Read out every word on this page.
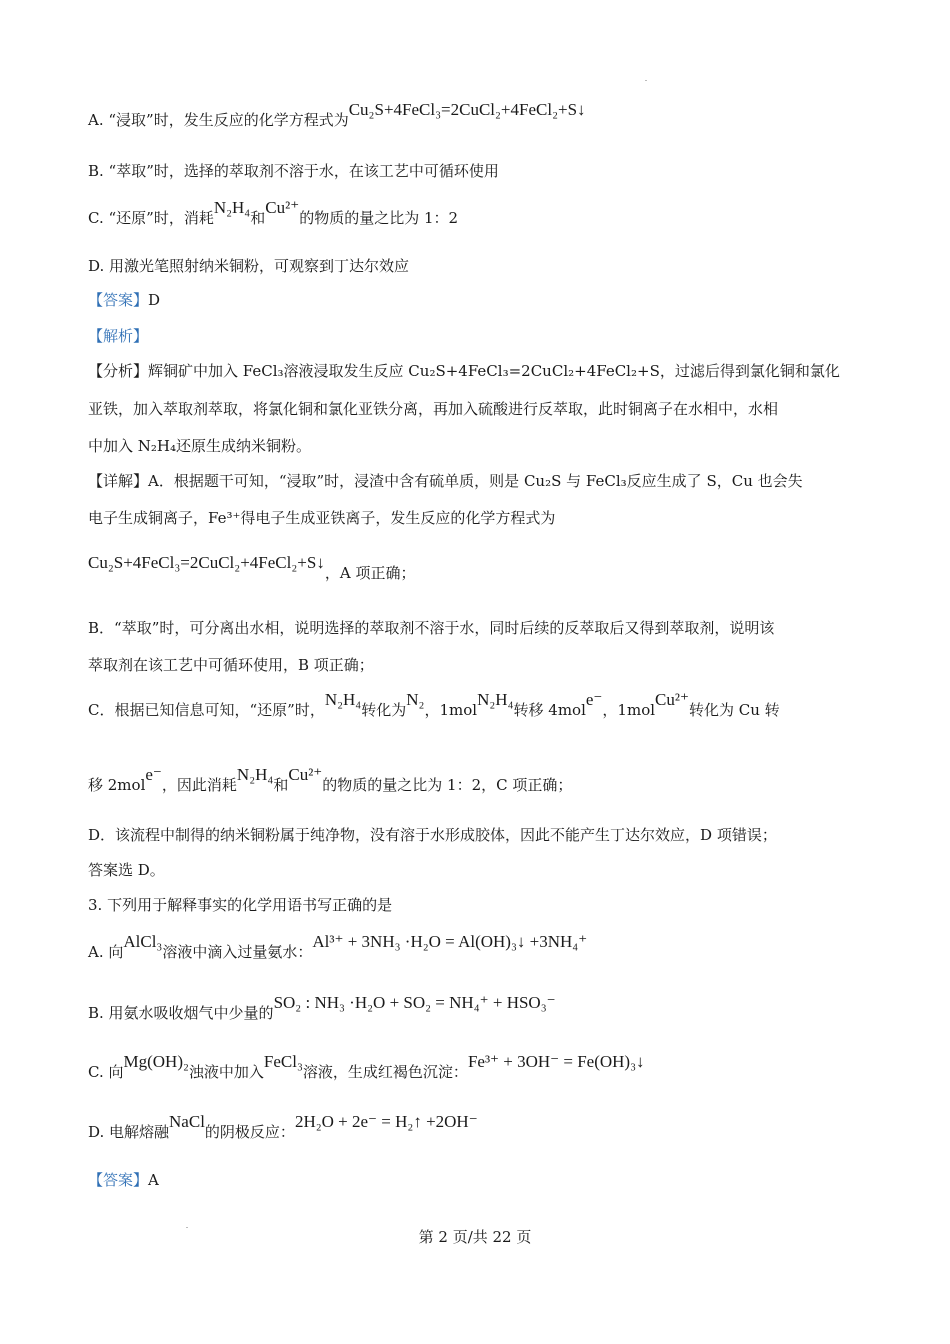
A. “浸取”时，发生反应的化学方程式为Cu₂S+4FeCl₃=2CuCl₂+4FeCl₂+S↓
B. “萃取”时，选择的萃取剂不溶于水，在该工艺中可循环使用
C. “还原”时，消耗N₂H₄和Cu²⁺的物质的量之比为 1：2
D. 用激光笔照射纳米铜粉，可观察到丁达尔效应
【答案】D
【解析】
【分析】辉铜矿中加入 FeCl₃溶液浸取发生反应 Cu₂S+4FeCl₃=2CuCl₂+4FeCl₂+S，过滤后得到氯化铜和氯化
亚铁，加入萃取剂萃取，将氯化铜和氯化亚铁分离，再加入硫酸进行反萃取，此时铜离子在水相中，水相
中加入 N₂H₄还原生成纳米铜粉。
【详解】A．根据题干可知，“浸取”时，浸渣中含有硫单质，则是 Cu₂S 与 FeCl₃反应生成了 S，Cu 也会失
电子生成铜离子，Fe³⁺得电子生成亚铁离子，发生反应的化学方程式为
Cu₂S+4FeCl₃=2CuCl₂+4FeCl₂+S↓，A 项正确；
B．“萃取”时，可分离出水相，说明选择的萃取剂不溶于水，同时后续的反萃取后又得到萃取剂，说明该
萃取剂在该工艺中可循环使用，B 项正确；
C．根据已知信息可知，“还原”时，N₂H₄转化为N₂，1molN₂H₄转移 4mole⁻，1molCu²⁺转化为 Cu 转
移 2mole⁻，因此消耗N₂H₄和Cu²⁺的物质的量之比为 1：2，C 项正确；
D．该流程中制得的纳米铜粉属于纯净物，没有溶于水形成胶体，因此不能产生丁达尔效应，D 项错误；
答案选 D。
3. 下列用于解释事实的化学用语书写正确的是
A. 向AlCl₃溶液中滴入过量氨水：Al³⁺ + 3NH₃ ·H₂O = Al(OH)₃↓ +3NH₄⁺
B. 用氨水吸收烟气中少量的SO₂ : NH₃ ·H₂O + SO₂ = NH₄⁺ + HSO₃⁻
C. 向Mg(OH)₂浊液中加入FeCl₃溶液，生成红褐色沉淀：Fe³⁺ + 3OH⁻ = Fe(OH)₃↓
D. 电解熔融NaCl的阴极反应：2H₂O + 2e⁻ = H₂↑ +2OH⁻
【答案】A
第 2 页/共 22 页
